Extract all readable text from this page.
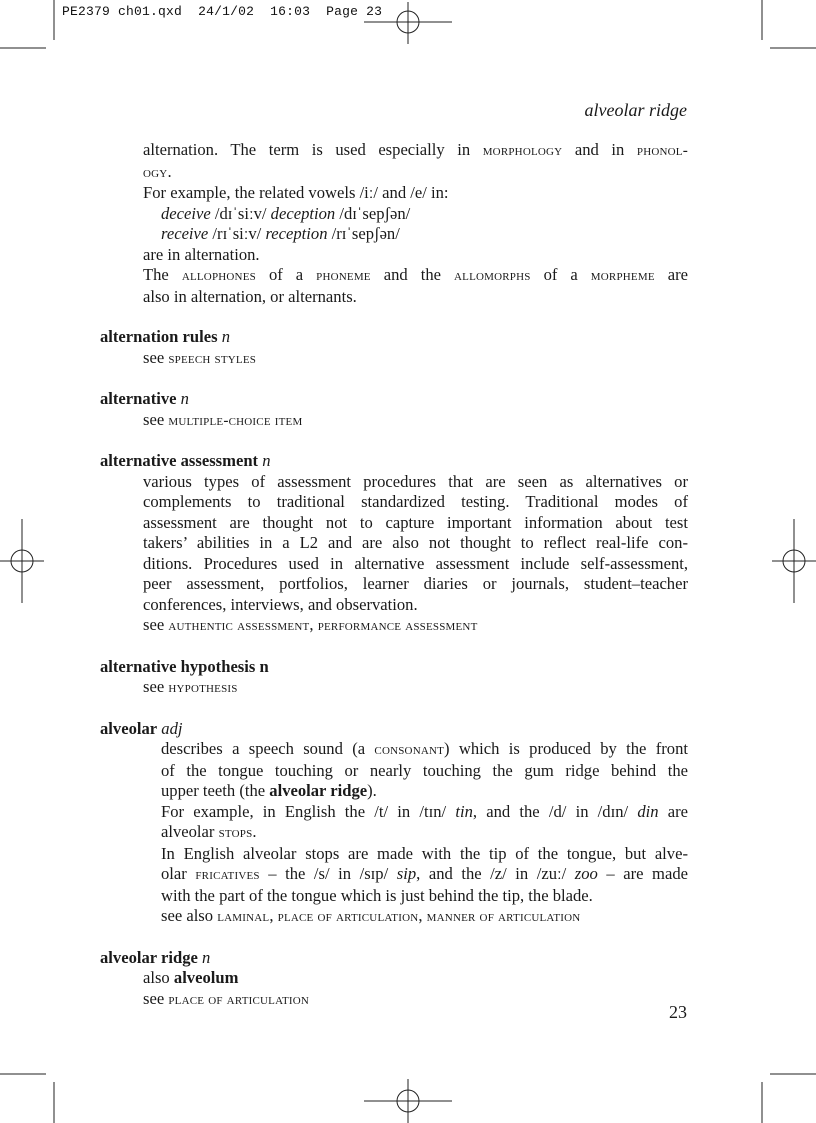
PE2379 ch01.qxd 24/1/02 16:03 Page 23
alveolar ridge
alternation. The term is used especially in morphology and in phonol-
ogy.
For example, the related vowels /iː/ and /e/ in:
deceive /dɪˈsiːv/ deception /dɪˈsepʃən/
receive /rɪˈsiːv/ reception /rɪˈsepʃən/
are in alternation.
The allophones of a phoneme and the allomorphs of a morpheme are
also in alternation, or alternants.
alternation rules n
see speech styles
alternative n
see multiple-choice item
alternative assessment n
various types of assessment procedures that are seen as alternatives or
complements to traditional standardized testing. Traditional modes of
assessment are thought not to capture important information about test
takers’ abilities in a L2 and are also not thought to reflect real-life con-
ditions. Procedures used in alternative assessment include self-assessment,
peer assessment, portfolios, learner diaries or journals, student–teacher
conferences, interviews, and observation.
see authentic assessment, performance assessment
alternative hypothesis n
see hypothesis
alveolar adj
describes a speech sound (a consonant) which is produced by the front
of the tongue touching or nearly touching the gum ridge behind the
upper teeth (the alveolar ridge).
For example, in English the /t/ in /tɪn/ tin, and the /d/ in /dɪn/ din are
alveolar stops.
In English alveolar stops are made with the tip of the tongue, but alve-
olar fricatives – the /s/ in /sɪp/ sip, and the /z/ in /zuː/ zoo – are made
with the part of the tongue which is just behind the tip, the blade.
see also laminal, place of articulation, manner of articulation
alveolar ridge n
also alveolum
see place of articulation
23
